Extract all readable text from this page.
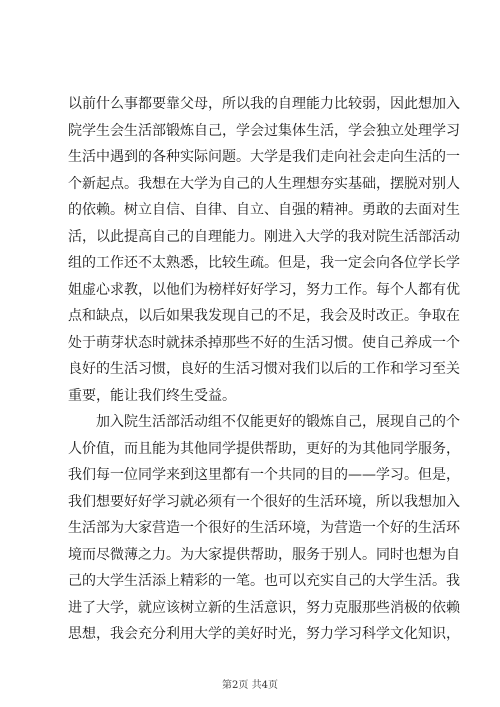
以前什么事都要靠父母，所以我的自理能力比较弱，因此想加入
院学生会生活部锻炼自己，学会过集体生活，学会独立处理学习
生活中遇到的各种实际问题。大学是我们走向社会走向生活的一
个新起点。我想在大学为自己的人生理想夯实基础，摆脱对别人
的依赖。树立自信、自律、自立、自强的精神。勇敢的去面对生
活，以此提高自己的自理能力。刚进入大学的我对院生活部活动
组的工作还不太熟悉，比较生疏。但是，我一定会向各位学长学
姐虚心求教，以他们为榜样好好学习，努力工作。每个人都有优
点和缺点，以后如果我发现自己的不足，我会及时改正。争取在
处于萌芽状态时就抹杀掉那些不好的生活习惯。使自己养成一个
良好的生活习惯，良好的生活习惯对我们以后的工作和学习至关
重要，能让我们终生受益。
　　加入院生活部活动组不仅能更好的锻炼自己，展现自己的个
人价值，而且能为其他同学提供帮助，更好的为其他同学服务，
我们每一位同学来到这里都有一个共同的目的——学习。但是，
我们想要好好学习就必须有一个很好的生活环境，所以我想加入
生活部为大家营造一个很好的生活环境，为营造一个好的生活环
境而尽微薄之力。为大家提供帮助，服务于别人。同时也想为自
己的大学生活添上精彩的一笔。也可以充实自己的大学生活。我
进了大学，就应该树立新的生活意识，努力克服那些消极的依赖
思想，我会充分利用大学的美好时光，努力学习科学文化知识，
第2页 共4页
